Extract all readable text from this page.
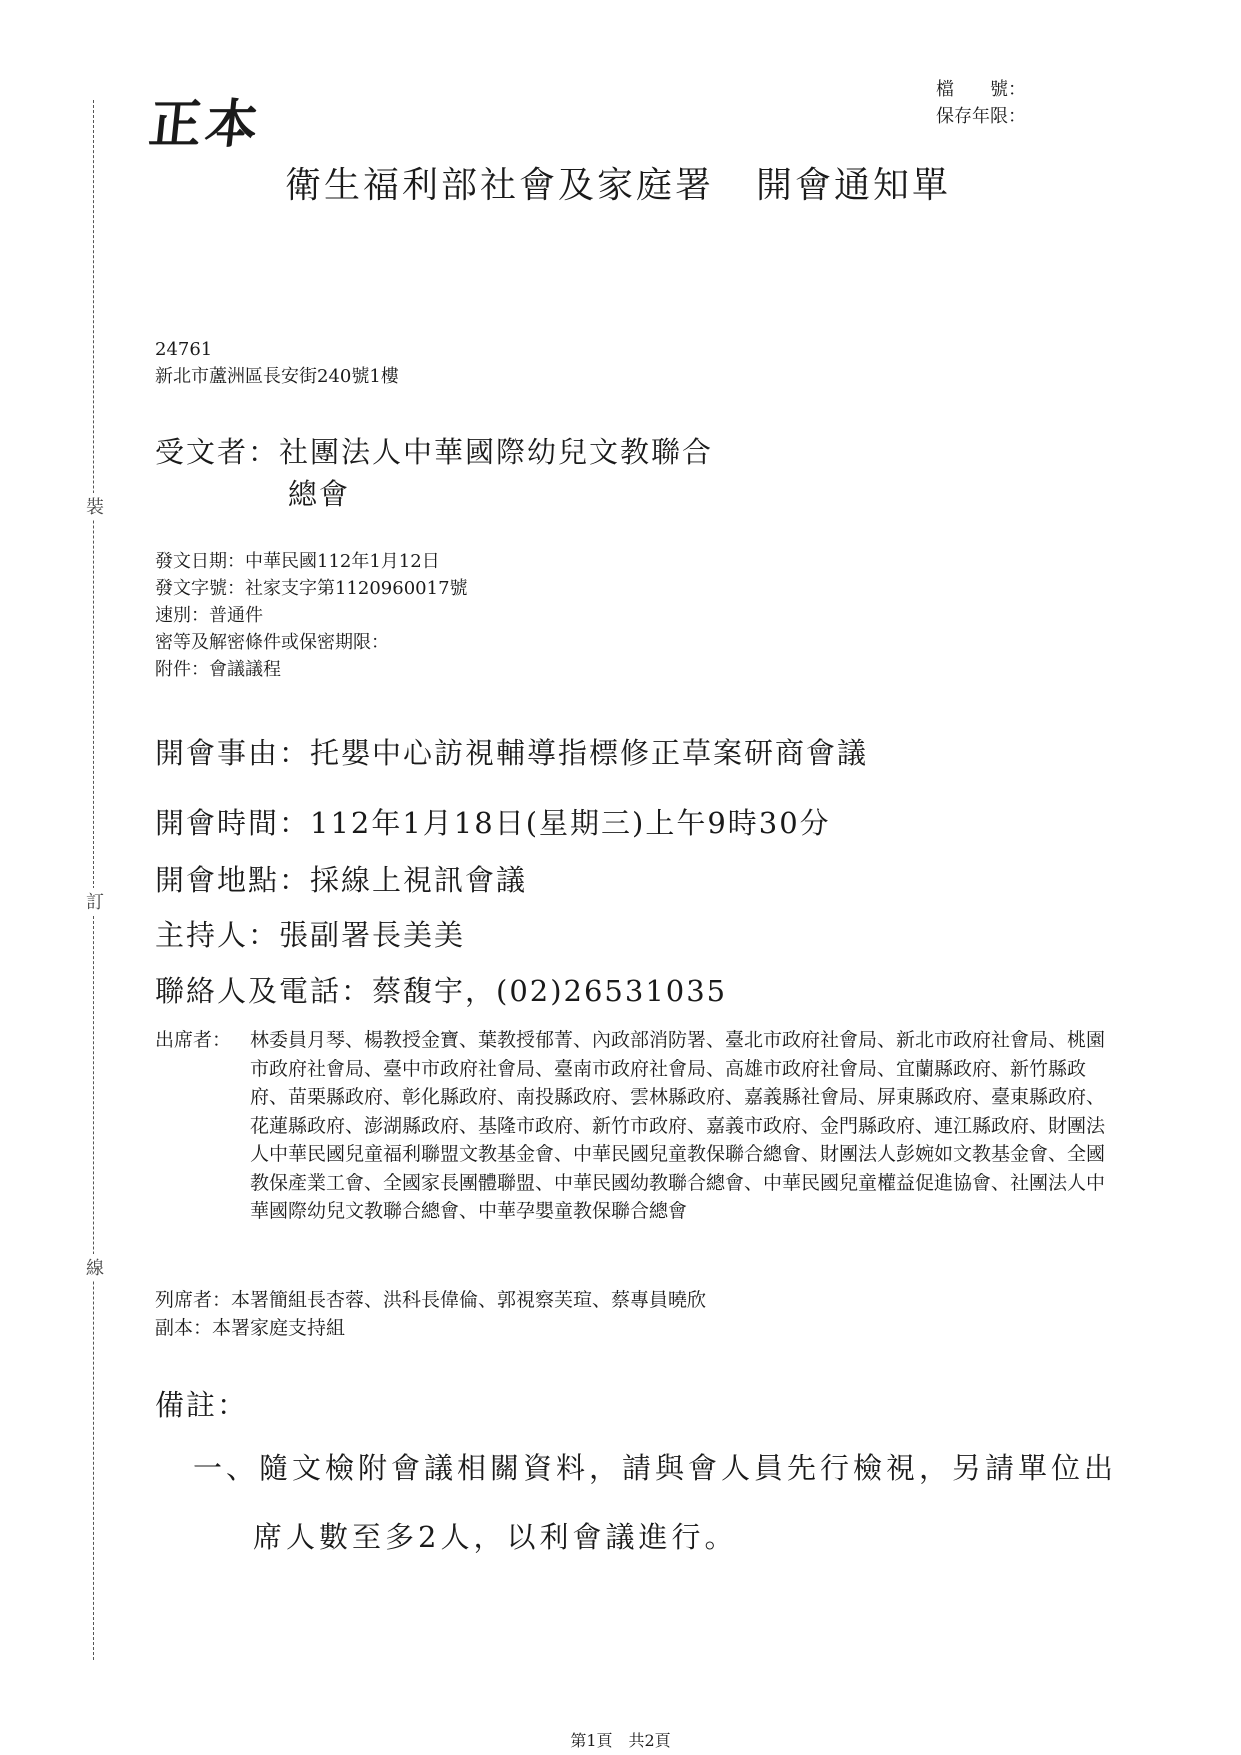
裝
訂
線
正本
檔　　號：
保存年限：
衛生福利部社會及家庭署 開會通知單
24761
新北市蘆洲區長安街240號1樓
受文者：社團法人中華國際幼兒文教聯合
總會
發文日期：中華民國112年1月12日
發文字號：社家支字第1120960017號
速別：普通件
密等及解密條件或保密期限：
附件：會議議程
開會事由：托嬰中心訪視輔導指標修正草案研商會議
開會時間：112年1月18日(星期三)上午9時30分
開會地點：採線上視訊會議
主持人：張副署長美美
聯絡人及電話：蔡馥宇，(02)26531035
出席者： 林委員月琴、楊教授金寶、葉教授郁菁、內政部消防署、臺北市政府社會局、新北市政府社會局、桃園市政府社會局、臺中市政府社會局、臺南市政府社會局、高雄市政府社會局、宜蘭縣政府、新竹縣政府、苗栗縣政府、彰化縣政府、南投縣政府、雲林縣政府、嘉義縣社會局、屏東縣政府、臺東縣政府、花蓮縣政府、澎湖縣政府、基隆市政府、新竹市政府、嘉義市政府、金門縣政府、連江縣政府、財團法人中華民國兒童福利聯盟文教基金會、中華民國兒童教保聯合總會、財團法人彭婉如文教基金會、全國教保產業工會、全國家長團體聯盟、中華民國幼教聯合總會、中華民國兒童權益促進協會、社團法人中華國際幼兒文教聯合總會、中華孕嬰童教保聯合總會
列席者：本署簡組長杏蓉、洪科長偉倫、郭視察芙瑄、蔡專員曉欣
副本：本署家庭支持組
備註：
一、隨文檢附會議相關資料，請與會人員先行檢視，另請單位出
席人數至多2人，以利會議進行。
第1頁　共2頁
